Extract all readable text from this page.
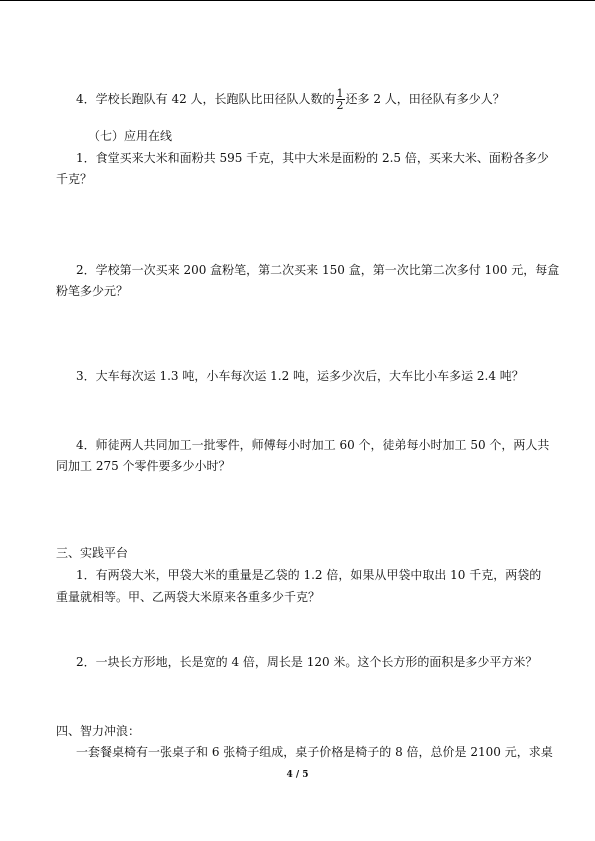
4．学校长跑队有 42 人，长跑队比田径队人数的 $\frac{1}{2}$ 还多 2 人，田径队有多少人？
（七）应用在线
1．食堂买来大米和面粉共 595 千克，其中大米是面粉的 2.5 倍，买来大米、面粉各多少
千克？
2．学校第一次买来 200 盒粉笔，第二次买来 150 盒，第一次比第二次多付 100 元，每盒
粉笔多少元？
3．大车每次运 1.3 吨，小车每次运 1.2 吨，运多少次后，大车比小车多运 2.4 吨？
4．师徒两人共同加工一批零件，师傅每小时加工 60 个，徒弟每小时加工 50 个，两人共
同加工 275 个零件要多少小时？
三、实践平台
1．有两袋大米，甲袋大米的重量是乙袋的 1.2 倍，如果从甲袋中取出 10 千克，两袋的
重量就相等。甲、乙两袋大米原来各重多少千克？
2．一块长方形地，长是宽的 4 倍，周长是 120 米。这个长方形的面积是多少平方米？
四、智力冲浪：
一套餐桌椅有一张桌子和 6 张椅子组成，桌子价格是椅子的 8 倍，总价是 2100 元，求桌
4 / 5
